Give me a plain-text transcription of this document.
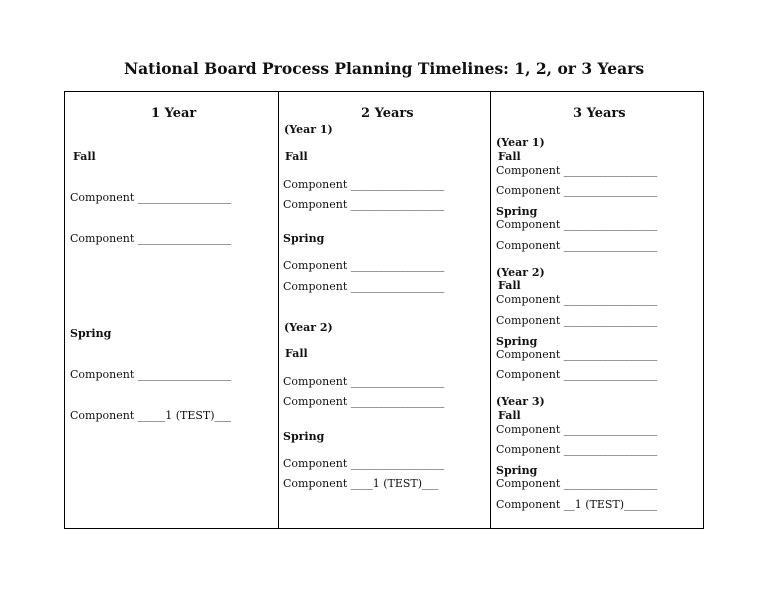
National Board Process Planning Timelines: 1, 2, or 3 Years
1 Year
Fall
Component _________________
Component _________________
Spring
Component _________________
Component _____1 (TEST)___
2 Years
(Year 1)
Fall
Component _________________
Component _________________
Spring
Component _________________
Component _________________
(Year 2)
Fall
Component _________________
Component _________________
Spring
Component _________________
Component ____1 (TEST)___
3 Years
(Year 1)
Fall
Component _________________
Component _________________
Spring
Component _________________
Component _________________
(Year 2)
Fall
Component _________________
Component _________________
Spring
Component _________________
Component _________________
(Year 3)
Fall
Component _________________
Component _________________
Spring
Component _________________
Component __1 (TEST)______
